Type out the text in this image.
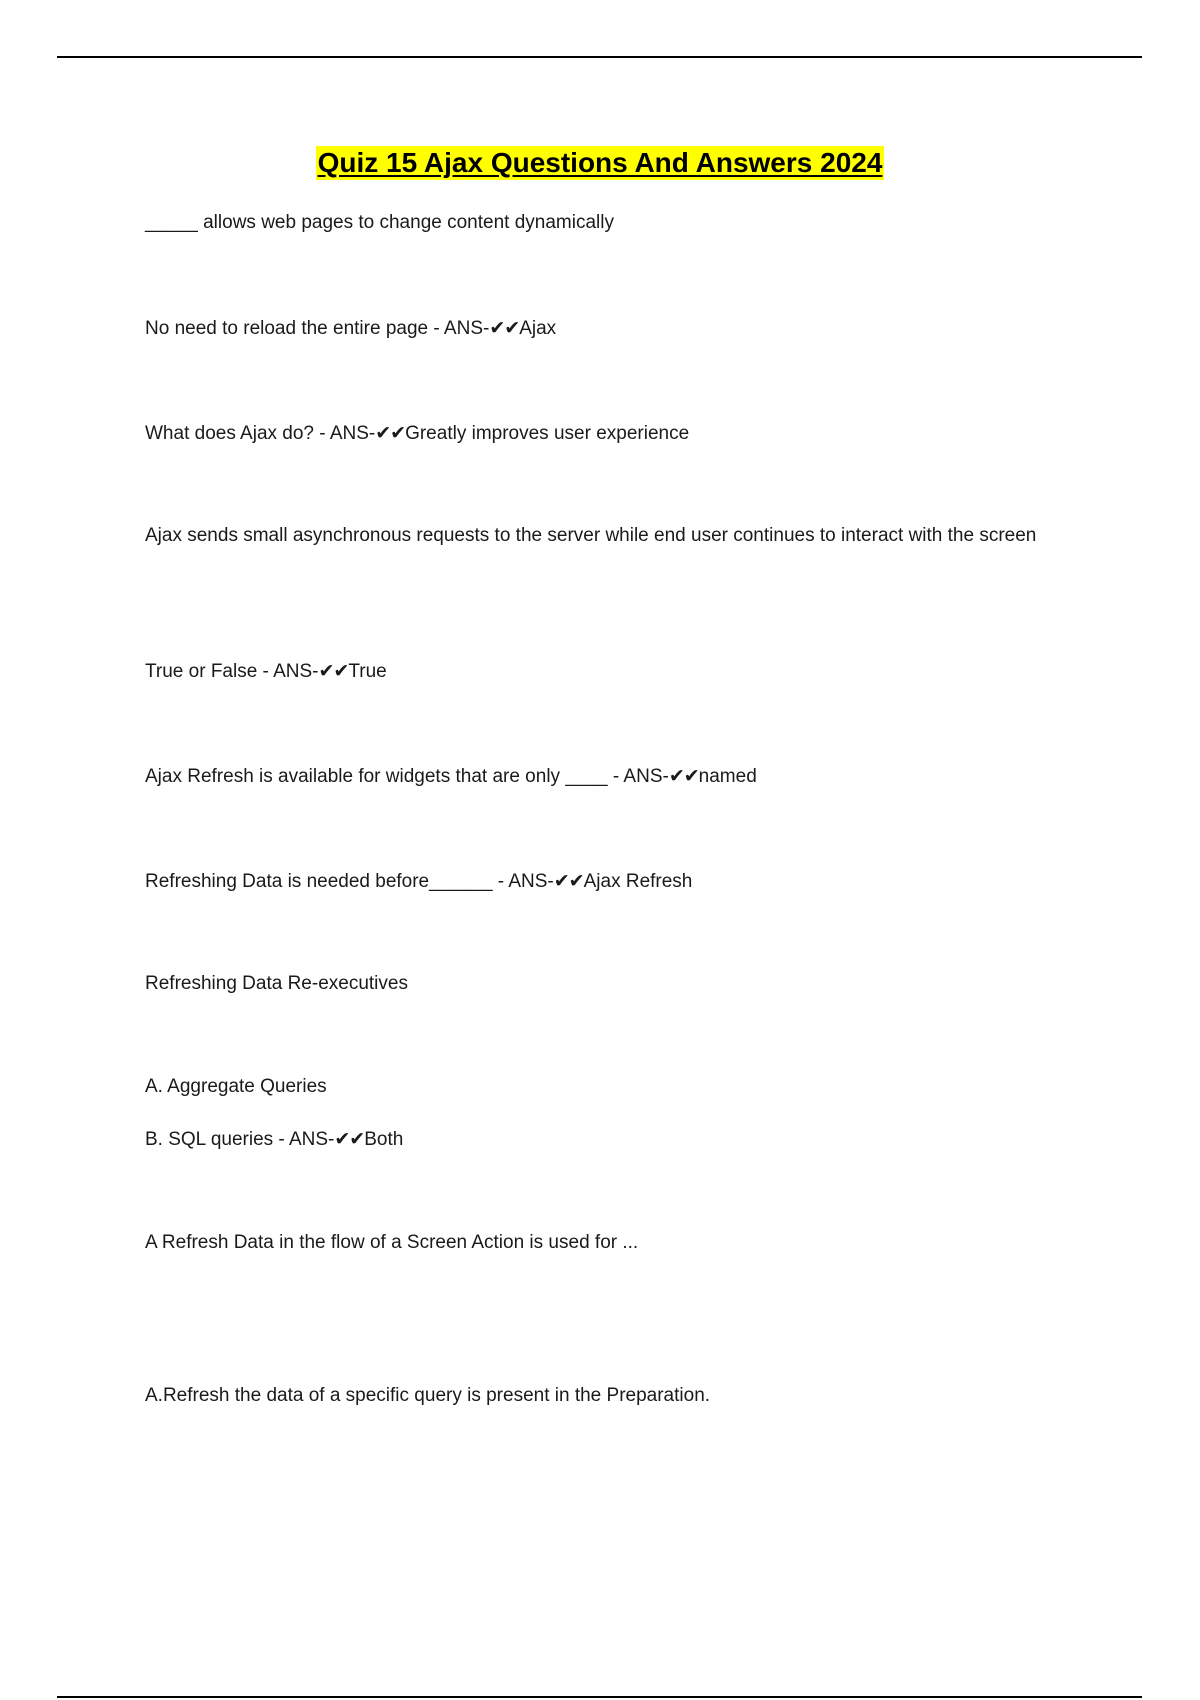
Quiz 15 Ajax Questions And Answers 2024
_____ allows web pages to change content dynamically
No need to reload the entire page - ANS-✔✔Ajax
What does Ajax do? - ANS-✔✔Greatly improves user experience
Ajax sends small asynchronous requests to the server while end user continues to interact with the screen
True or False - ANS-✔✔True
Ajax Refresh is available for widgets that are only ____ - ANS-✔✔named
Refreshing Data is needed before______ - ANS-✔✔Ajax Refresh
Refreshing Data Re-executives
A. Aggregate Queries
B. SQL queries - ANS-✔✔Both
A Refresh Data in the flow of a Screen Action is used for ...
A.Refresh the data of a specific query is present in the Preparation.
